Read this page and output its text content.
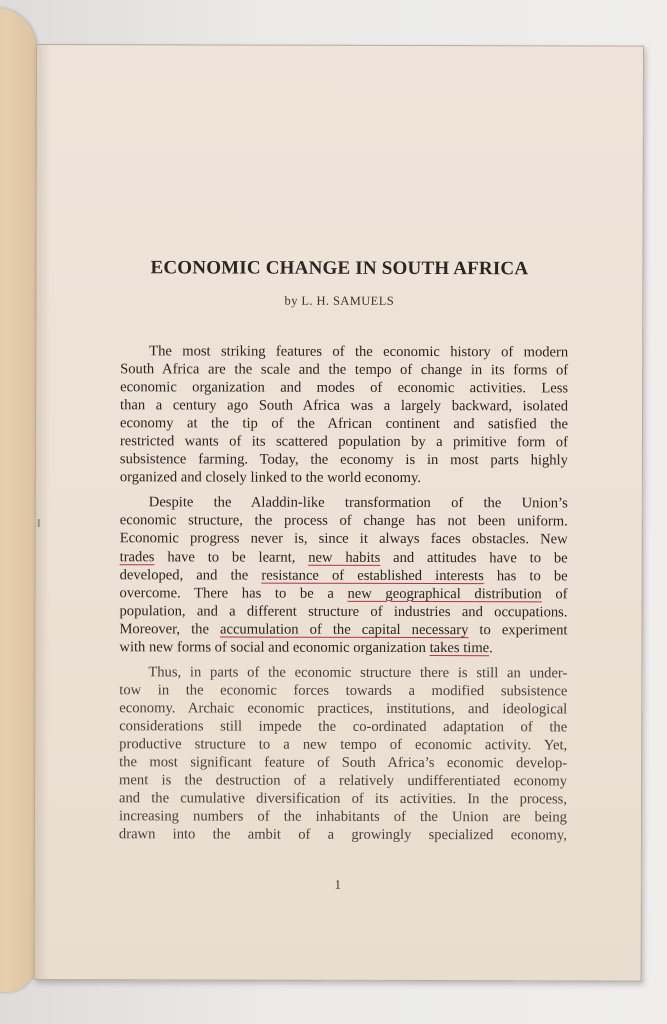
ECONOMIC CHANGE IN SOUTH AFRICA
by L. H. SAMUELS

The most striking features of the economic history of modern
South Africa are the scale and the tempo of change in its forms of
economic organization and modes of economic activities. Less
than a century ago South Africa was a largely backward, isolated
economy at the tip of the African continent and satisfied the
restricted wants of its scattered population by a primitive form of
subsistence farming. Today, the economy is in most parts highly
organized and closely linked to the world economy.

Despite the Aladdin-like transformation of the Union’s
economic structure, the process of change has not been uniform.
Economic progress never is, since it always faces obstacles. New
trades have to be learnt, new habits and attitudes have to be
developed, and the resistance of established interests has to be
overcome. There has to be a new geographical distribution of
population, and a different structure of industries and occupations.
Moreover, the accumulation of the capital necessary to experiment
with new forms of social and economic organization takes time.

Thus, in parts of the economic structure there is still an under-
tow in the economic forces towards a modified subsistence
economy. Archaic economic practices, institutions, and ideological
considerations still impede the co-ordinated adaptation of the
productive structure to a new tempo of economic activity. Yet,
the most significant feature of South Africa’s economic develop-
ment is the destruction of a relatively undifferentiated economy
and the cumulative diversification of its activities. In the process,
increasing numbers of the inhabitants of the Union are being
drawn into the ambit of a growingly specialized economy,

1
